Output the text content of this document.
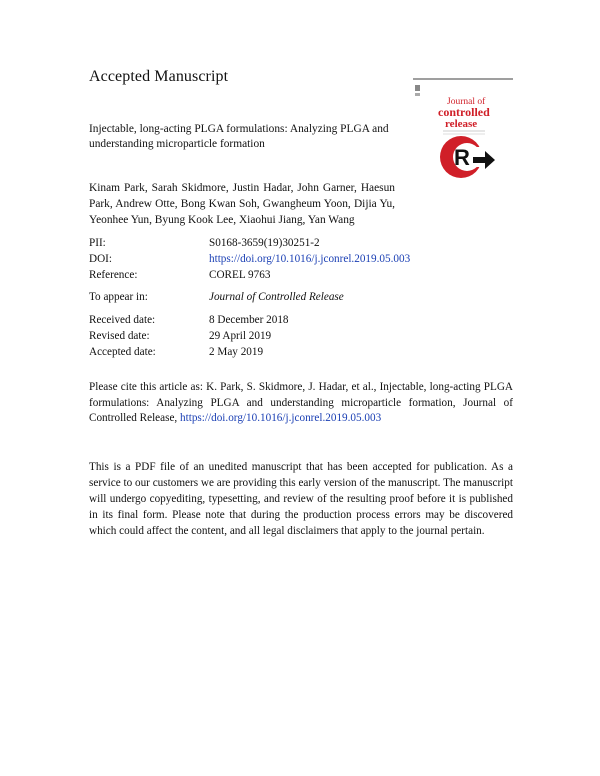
Accepted Manuscript
Injectable, long-acting PLGA formulations: Analyzing PLGA and understanding microparticle formation
Kinam Park, Sarah Skidmore, Justin Hadar, John Garner, Haesun Park, Andrew Otte, Bong Kwan Soh, Gwangheum Yoon, Dijia Yu, Yeonhee Yun, Byung Kook Lee, Xiaohui Jiang, Yan Wang
PII:	S0168-3659(19)30251-2
DOI:	https://doi.org/10.1016/j.jconrel.2019.05.003
Reference:	COREL 9763
To appear in:	Journal of Controlled Release
Received date:	8 December 2018
Revised date:	29 April 2019
Accepted date:	2 May 2019
Please cite this article as: K. Park, S. Skidmore, J. Hadar, et al., Injectable, long-acting PLGA formulations: Analyzing PLGA and understanding microparticle formation, Journal of Controlled Release, https://doi.org/10.1016/j.jconrel.2019.05.003
This is a PDF file of an unedited manuscript that has been accepted for publication. As a service to our customers we are providing this early version of the manuscript. The manuscript will undergo copyediting, typesetting, and review of the resulting proof before it is published in its final form. Please note that during the production process errors may be discovered which could affect the content, and all legal disclaimers that apply to the journal pertain.
Journal of
controlled
release
R
